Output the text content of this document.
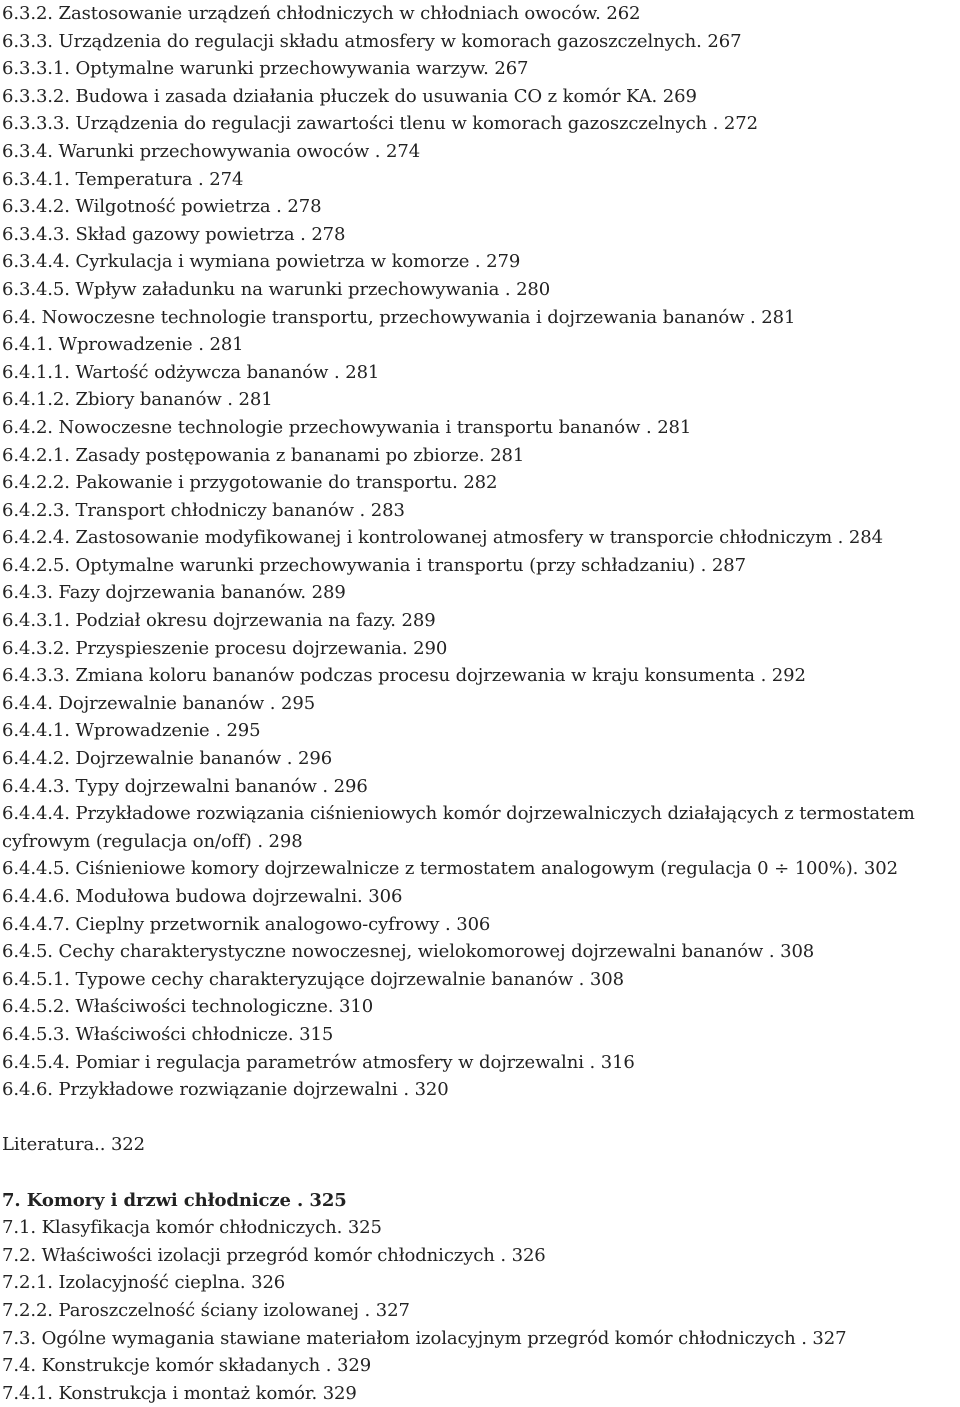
6.3.2. Zastosowanie urządzeń chłodniczych w chłodniach owoców. 262
6.3.3. Urządzenia do regulacji składu atmosfery w komorach gazoszczelnych. 267
6.3.3.1. Optymalne warunki przechowywania warzyw. 267
6.3.3.2. Budowa i zasada działania płuczek do usuwania CO z komór KA. 269
6.3.3.3. Urządzenia do regulacji zawartości tlenu w komorach gazoszczelnych . 272
6.3.4. Warunki przechowywania owoców . 274
6.3.4.1. Temperatura . 274
6.3.4.2. Wilgotność powietrza . 278
6.3.4.3. Skład gazowy powietrza . 278
6.3.4.4. Cyrkulacja i wymiana powietrza w komorze . 279
6.3.4.5. Wpływ załadunku na warunki przechowywania . 280
6.4. Nowoczesne technologie transportu, przechowywania i dojrzewania bananów . 281
6.4.1. Wprowadzenie . 281
6.4.1.1. Wartość odżywcza bananów . 281
6.4.1.2. Zbiory bananów . 281
6.4.2. Nowoczesne technologie przechowywania i transportu bananów . 281
6.4.2.1. Zasady postępowania z bananami po zbiorze. 281
6.4.2.2. Pakowanie i przygotowanie do transportu. 282
6.4.2.3. Transport chłodniczy bananów . 283
6.4.2.4. Zastosowanie modyfikowanej i kontrolowanej atmosfery w transporcie chłodniczym . 284
6.4.2.5. Optymalne warunki przechowywania i transportu (przy schładzaniu) . 287
6.4.3. Fazy dojrzewania bananów. 289
6.4.3.1. Podział okresu dojrzewania na fazy. 289
6.4.3.2. Przyspieszenie procesu dojrzewania. 290
6.4.3.3. Zmiana koloru bananów podczas procesu dojrzewania w kraju konsumenta . 292
6.4.4. Dojrzewalnie bananów . 295
6.4.4.1. Wprowadzenie . 295
6.4.4.2. Dojrzewalnie bananów . 296
6.4.4.3. Typy dojrzewalni bananów . 296
6.4.4.4. Przykładowe rozwiązania ciśnieniowych komór dojrzewalniczych działających z termostatem cyfrowym (regulacja on/off) . 298
6.4.4.5. Ciśnieniowe komory dojrzewalnicze z termostatem analogowym (regulacja 0 ÷ 100%). 302
6.4.4.6. Modułowa budowa dojrzewalni. 306
6.4.4.7. Cieplny przetwornik analogowo-cyfrowy . 306
6.4.5. Cechy charakterystyczne nowoczesnej, wielokomorowej dojrzewalni bananów . 308
6.4.5.1. Typowe cechy charakteryzujące dojrzewalnie bananów . 308
6.4.5.2. Właściwości technologiczne. 310
6.4.5.3. Właściwości chłodnicze. 315
6.4.5.4. Pomiar i regulacja parametrów atmosfery w dojrzewalni . 316
6.4.6. Przykładowe rozwiązanie dojrzewalni . 320
Literatura.. 322
7. Komory i drzwi chłodnicze . 325
7.1. Klasyfikacja komór chłodniczych. 325
7.2. Właściwości izolacji przegród komór chłodniczych . 326
7.2.1. Izolacyjność cieplna. 326
7.2.2. Paroszczelność ściany izolowanej . 327
7.3. Ogólne wymagania stawiane materiałom izolacyjnym przegród komór chłodniczych . 327
7.4. Konstrukcje komór składanych . 329
7.4.1. Konstrukcja i montaż komór. 329
